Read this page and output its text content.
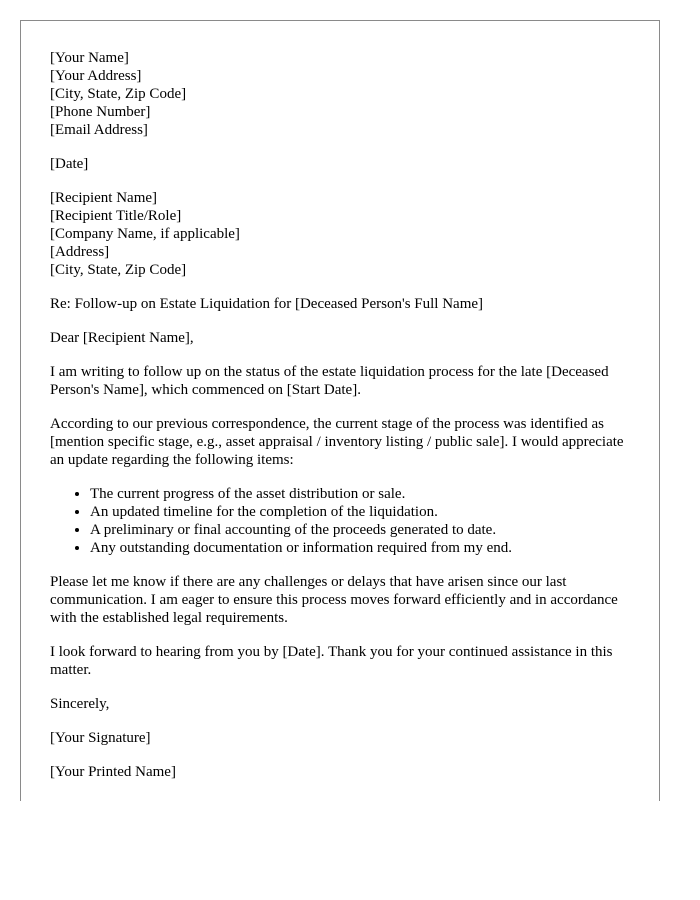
[Your Name]
[Your Address]
[City, State, Zip Code]
[Phone Number]
[Email Address]
[Date]
[Recipient Name]
[Recipient Title/Role]
[Company Name, if applicable]
[Address]
[City, State, Zip Code]

Re: Follow-up on Estate Liquidation for [Deceased Person's Full Name]

Dear [Recipient Name],

I am writing to follow up on the status of the estate liquidation process for the late [Deceased Person's Name], which commenced on [Start Date].

According to our previous correspondence, the current stage of the process was identified as [mention specific stage, e.g., asset appraisal / inventory listing / public sale]. I would appreciate an update regarding the following items:

• The current progress of the asset distribution or sale.
• An updated timeline for the completion of the liquidation.
• A preliminary or final accounting of the proceeds generated to date.
• Any outstanding documentation or information required from my end.

Please let me know if there are any challenges or delays that have arisen since our last communication. I am eager to ensure this process moves forward efficiently and in accordance with the established legal requirements.

I look forward to hearing from you by [Date]. Thank you for your continued assistance in this matter.

Sincerely,

[Your Signature]

[Your Printed Name]
